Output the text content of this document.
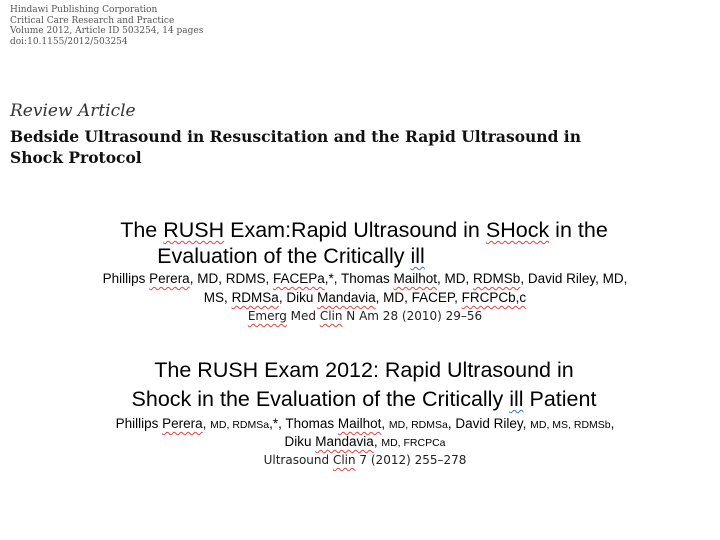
Hindawi Publishing Corporation
Critical Care Research and Practice
Volume 2012, Article ID 503254, 14 pages
doi:10.1155/2012/503254
Review Article
Bedside Ultrasound in Resuscitation and the Rapid Ultrasound in
Shock Protocol
The RUSH Exam:Rapid Ultrasound in SHock in the
Evaluation of the Critically ill
Phillips Perera, MD, RDMS, FACEPa,*, Thomas Mailhot, MD, RDMSb, David Riley, MD,
MS, RDMSa, Diku Mandavia, MD, FACEP, FRCPCb,c
Emerg Med Clin N Am 28 (2010) 29–56
The RUSH Exam 2012: Rapid Ultrasound in
Shock in the Evaluation of the Critically ill Patient
Phillips Perera, MD, RDMSa,*, Thomas Mailhot, MD, RDMSa, David Riley, MD, MS, RDMSb,
Diku Mandavia, MD, FRCPCa
Ultrasound Clin 7 (2012) 255–278
